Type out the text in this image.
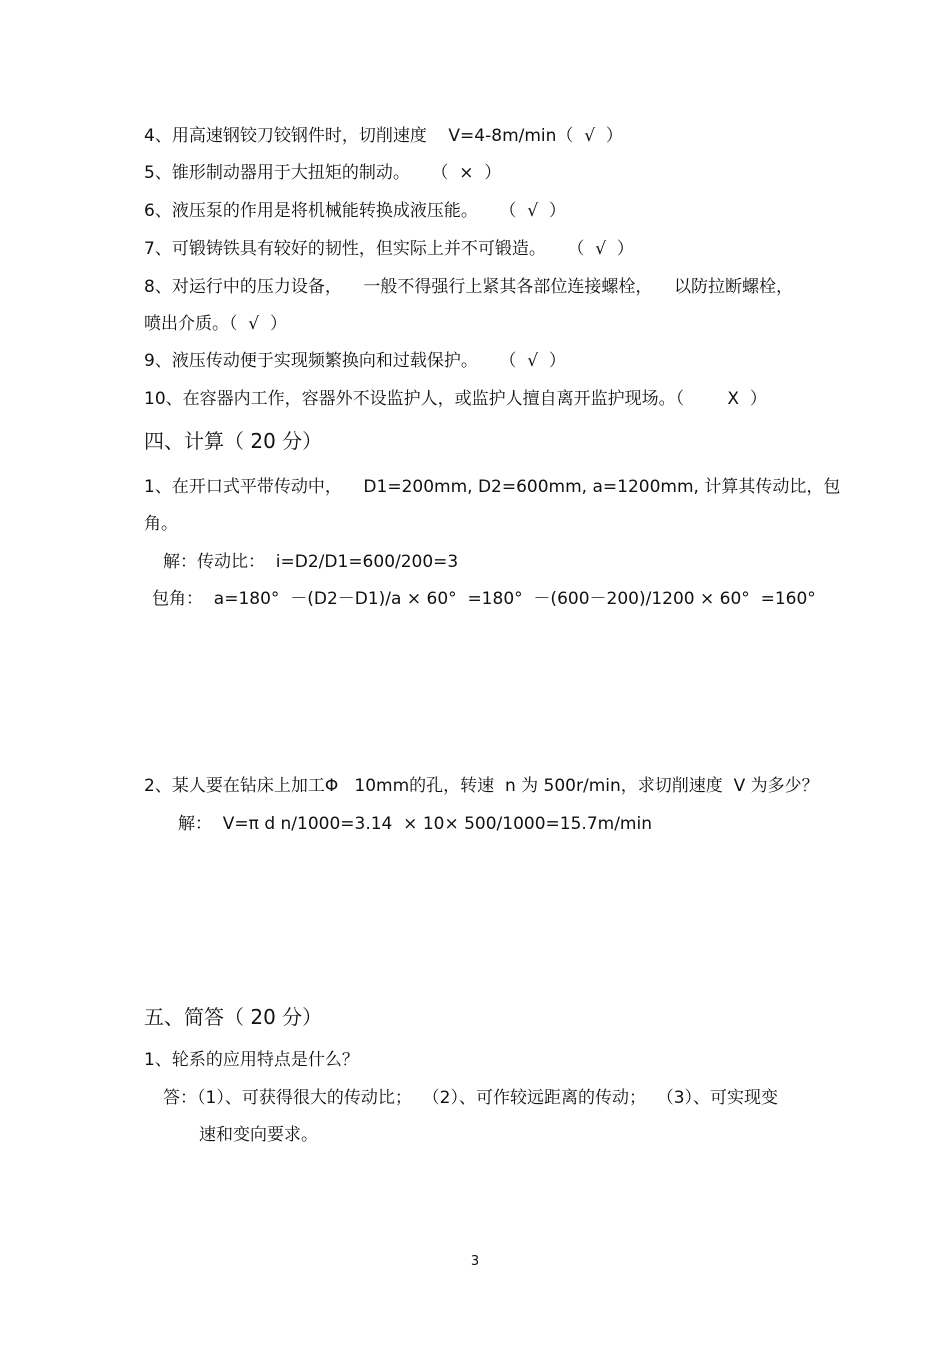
4、用高速钢铰刀铰钢件时，切削速度    V=4-8m/min（  √  ）

5、锥形制动器用于大扭矩的制动。    （  ×  ）

6、液压泵的作用是将机械能转换成液压能。    （  √  ）

7、可锻铸铁具有较好的韧性，但实际上并不可锻造。    （  √  ）

8、对运行中的压力设备，    一般不得强行上紧其各部位连接螺栓，    以防拉断螺栓，

喷出介质。（  √  ）

9、液压传动便于实现频繁换向和过载保护。    （  √  ）

10、在容器内工作，容器外不设监护人，或监护人擅自离开监护现场。（        X  ）

四、计算（ 20 分）

1、在开口式平带传动中，    D1=200mm, D2=600mm, a=1200mm, 计算其传动比，包

角。

解：传动比：  i=D2/D1=600/200=3

包角：  a=180°  －(D2－D1)/a × 60°  =180°  －(600－200)/1200 × 60°  =160°

2、某人要在钻床上加工Φ   10mm的孔，转速  n 为 500r/min，求切削速度  V 为多少？

解：  V=π d n/1000=3.14  × 10× 500/1000=15.7m/min

五、简答（ 20 分）

1、轮系的应用特点是什么？

答：（1）、可获得很大的传动比；  （2）、可作较远距离的传动；  （3）、可实现变

速和变向要求。

3
